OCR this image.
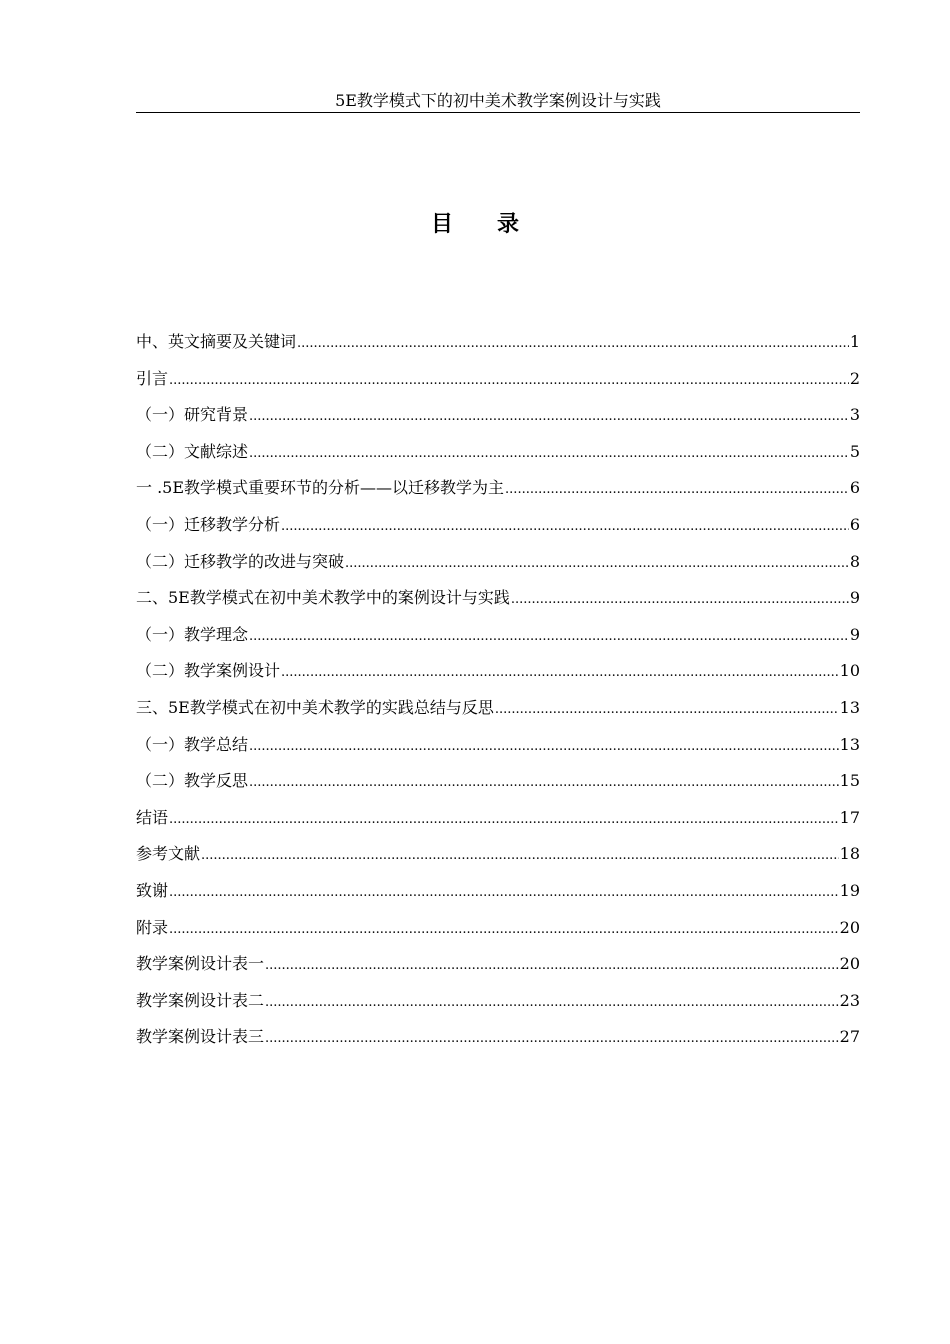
5E教学模式下的初中美术教学案例设计与实践
目 录
中、英文摘要及关键词 .....	1
引言 .....	2
（一）研究背景 .....	3
（二）文献综述 .....	5
一 .5E教学模式重要环节的分析——以迁移教学为主 .....	6
（一）迁移教学分析 .....	6
（二）迁移教学的改进与突破 .....	8
二、5E教学模式在初中美术教学中的案例设计与实践 .....	9
（一）教学理念 .....	9
（二）教学案例设计 .....	10
三、5E教学模式在初中美术教学的实践总结与反思 .....	13
（一）教学总结 .....	13
（二）教学反思 .....	15
结语 .....	17
参考文献 .....	18
致谢 .....	19
附录 .....	20
教学案例设计表一 .....	20
教学案例设计表二 .....	23
教学案例设计表三 .....	27
